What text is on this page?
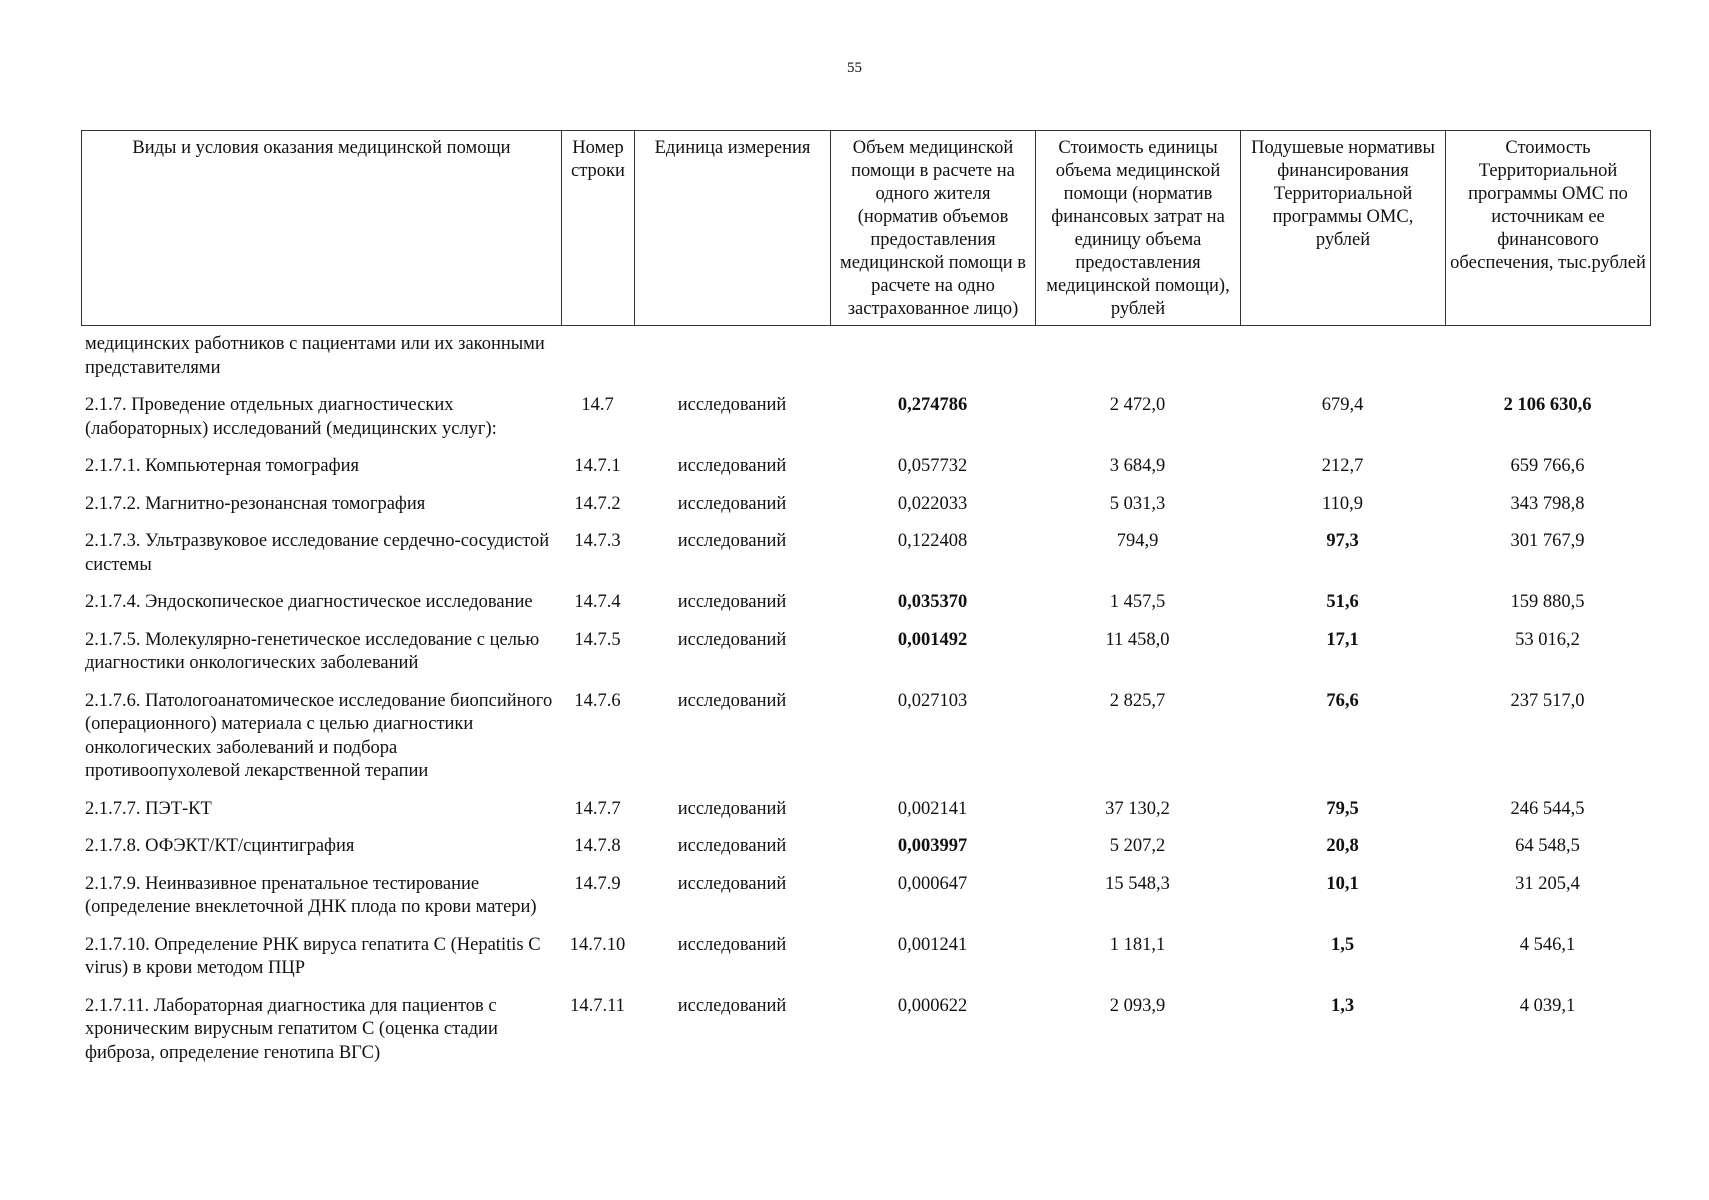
55
Виды и условия оказания медицинской помощи	Номер строки	Единица измерения	Объем медицинской помощи в расчете на одного жителя (норматив объемов предоставления медицинской помощи в расчете на одно застрахованное лицо)	Стоимость единицы объема медицинской помощи (норматив финансовых затрат на единицу объема предоставления медицинской помощи), рублей	Подушевые нормативы финансирования Территориальной программы ОМС, рублей	Стоимость Территориальной программы ОМС по источникам ее финансового обеспечения, тыс.рублей
медицинских работников с пациентами или их законными представителями						
2.1.7. Проведение отдельных диагностических (лабораторных) исследований (медицинских услуг):	14.7	исследований	0,274786	2 472,0	679,4	2 106 630,6
2.1.7.1. Компьютерная томография	14.7.1	исследований	0,057732	3 684,9	212,7	659 766,6
2.1.7.2. Магнитно-резонансная томография	14.7.2	исследований	0,022033	5 031,3	110,9	343 798,8
2.1.7.3. Ультразвуковое исследование сердечно-сосудистой системы	14.7.3	исследований	0,122408	794,9	97,3	301 767,9
2.1.7.4. Эндоскопическое диагностическое исследование	14.7.4	исследований	0,035370	1 457,5	51,6	159 880,5
2.1.7.5. Молекулярно-генетическое исследование с целью диагностики онкологических заболеваний	14.7.5	исследований	0,001492	11 458,0	17,1	53 016,2
2.1.7.6. Патологоанатомическое исследование биопсийного (операционного) материала с целью диагностики онкологических заболеваний и подбора противоопухолевой лекарственной терапии	14.7.6	исследований	0,027103	2 825,7	76,6	237 517,0
2.1.7.7. ПЭТ-КТ	14.7.7	исследований	0,002141	37 130,2	79,5	246 544,5
2.1.7.8. ОФЭКТ/КТ/сцинтиграфия	14.7.8	исследований	0,003997	5 207,2	20,8	64 548,5
2.1.7.9. Неинвазивное пренатальное тестирование (определение внеклеточной ДНК плода по крови матери)	14.7.9	исследований	0,000647	15 548,3	10,1	31 205,4
2.1.7.10. Определение РНК вируса гепатита С (Hepatitis C virus) в крови методом ПЦР	14.7.10	исследований	0,001241	1 181,1	1,5	4 546,1
2.1.7.11. Лабораторная диагностика для пациентов с хроническим вирусным гепатитом С (оценка стадии фиброза, определение генотипа ВГС)	14.7.11	исследований	0,000622	2 093,9	1,3	4 039,1
